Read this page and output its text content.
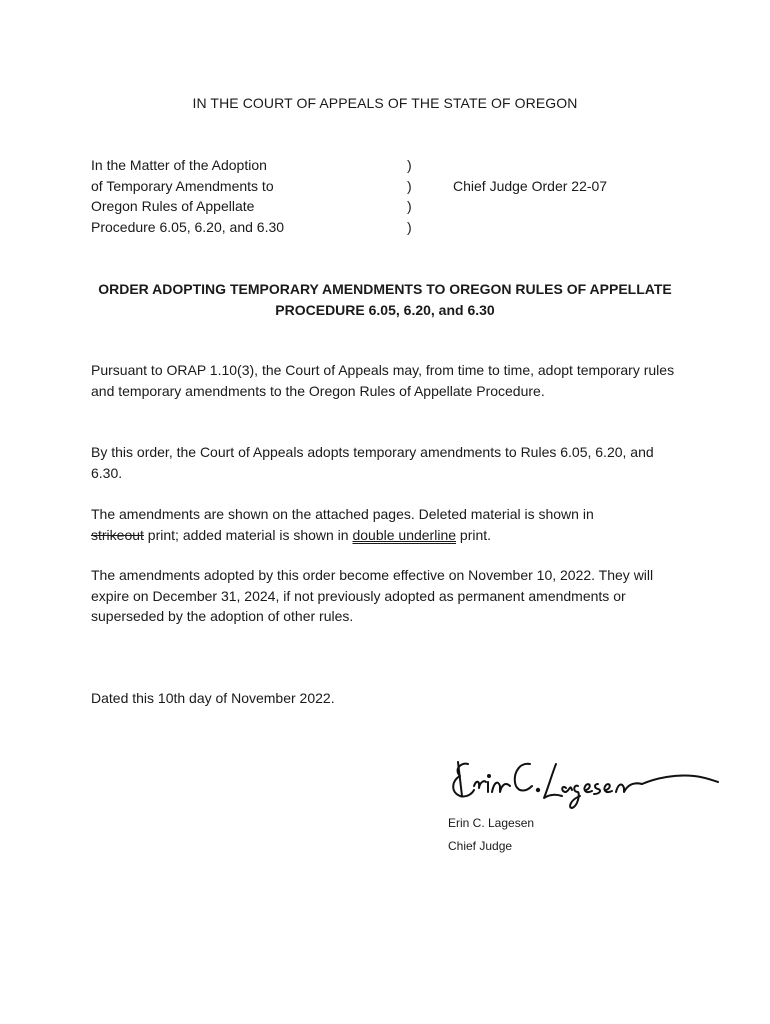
IN THE COURT OF APPEALS OF THE STATE OF OREGON
In the Matter of the Adoption
of Temporary Amendments to
Oregon Rules of Appellate
Procedure 6.05, 6.20, and 6.30
)
)
)
)
Chief Judge Order 22-07
ORDER ADOPTING TEMPORARY AMENDMENTS TO OREGON RULES OF APPELLATE
PROCEDURE 6.05, 6.20, and 6.30
Pursuant to ORAP 1.10(3), the Court of Appeals may, from time to time, adopt temporary rules and temporary amendments to the Oregon Rules of Appellate Procedure.
By this order, the Court of Appeals adopts temporary amendments to Rules 6.05, 6.20, and 6.30.
The amendments are shown on the attached pages. Deleted material is shown in
strikeout print; added material is shown in double underline print.
The amendments adopted by this order become effective on November 10, 2022. They will expire on December 31, 2024, if not previously adopted as permanent amendments or superseded by the adoption of other rules.
Dated this 10th day of November 2022.
Erin C. Lagesen
Chief Judge
